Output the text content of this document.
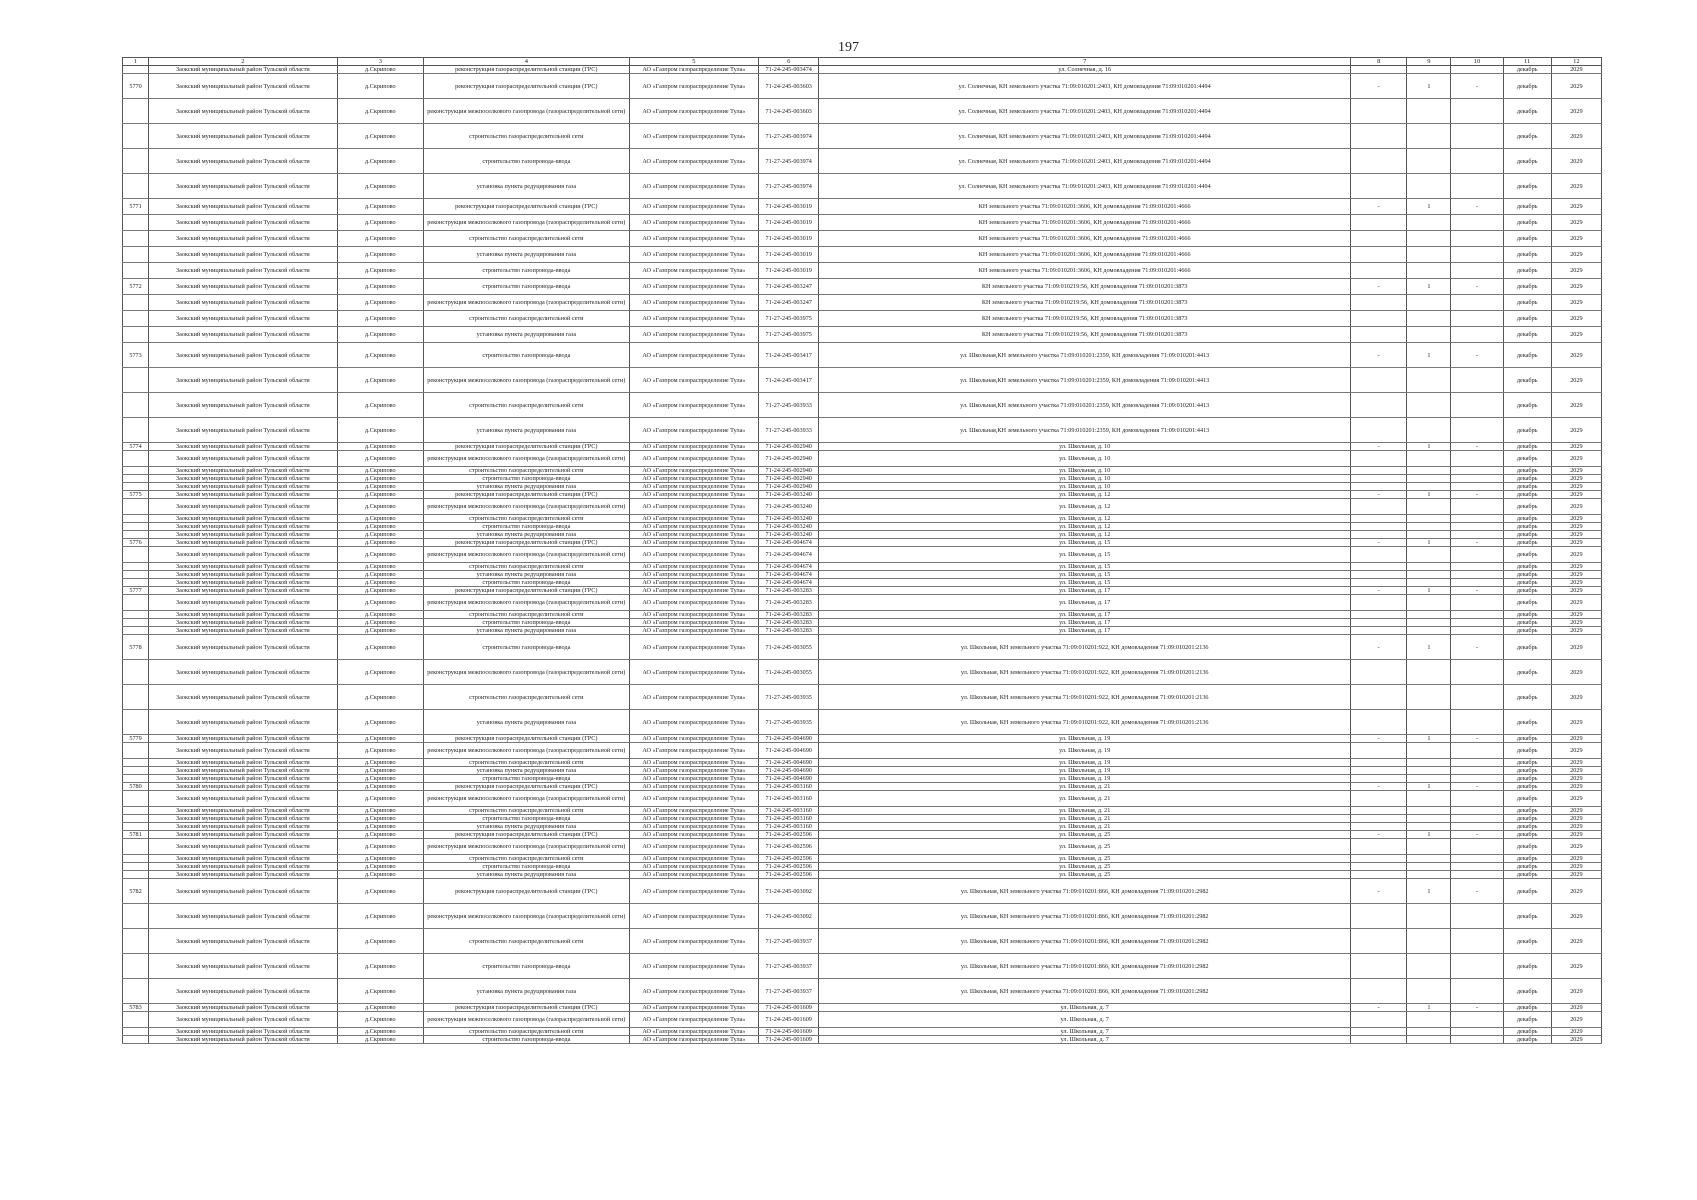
197
1	2	3	4	5	6	7	8	9	10	11	12
	Заокский муниципальный район Тульской области	д.Скрипово	реконструкция газораспределительной станции (ГРС)	АО «Газпром газораспределение Тула»	71-24-245-003474	ул. Солнечная, д. 16				декабрь	2029
5770	Заокский муниципальный район Тульской области	д.Скрипово	реконструкция газораспределительной станции (ГРС)	АО «Газпром газораспределение Тула»	71-24-245-003603	ул. Солнечная, КН земельного участка 71:09:010201:2403, КН домовладения 71:09:010201:4494	-	1	-	декабрь	2029
	Заокский муниципальный район Тульской области	д.Скрипово	реконструкция межпоселкового газопровода (газораспределительной сети)	АО «Газпром газораспределение Тула»	71-24-245-003603	ул. Солнечная, КН земельного участка 71:09:010201:2403, КН домовладения 71:09:010201:4494				декабрь	2029
	Заокский муниципальный район Тульской области	д.Скрипово	строительство газораспределительной сети	АО «Газпром газораспределение Тула»	71-27-245-003974	ул. Солнечная, КН земельного участка 71:09:010201:2403, КН домовладения 71:09:010201:4494				декабрь	2029
	Заокский муниципальный район Тульской области	д.Скрипово	строительство газопровода-ввода	АО «Газпром газораспределение Тула»	71-27-245-003974	ул. Солнечная, КН земельного участка 71:09:010201:2403, КН домовладения 71:09:010201:4494				декабрь	2029
	Заокский муниципальный район Тульской области	д.Скрипово	установка пункта редуцирования газа	АО «Газпром газораспределение Тула»	71-27-245-003974	ул. Солнечная, КН земельного участка 71:09:010201:2403, КН домовладения 71:09:010201:4494				декабрь	2029
5771	Заокский муниципальный район Тульской области	д.Скрипово	реконструкция газораспределительной станции (ГРС)	АО «Газпром газораспределение Тула»	71-24-245-003019	КН земельного участка 71:09:010201:3606, КН домовладения 71:09:010201:4666	-	1	-	декабрь	2029
	Заокский муниципальный район Тульской области	д.Скрипово	реконструкция межпоселкового газопровода (газораспределительной сети)	АО «Газпром газораспределение Тула»	71-24-245-003019	КН земельного участка 71:09:010201:3606, КН домовладения 71:09:010201:4666				декабрь	2029
	Заокский муниципальный район Тульской области	д.Скрипово	строительство газораспределительной сети	АО «Газпром газораспределение Тула»	71-24-245-003019	КН земельного участка 71:09:010201:3606, КН домовладения 71:09:010201:4666				декабрь	2029
	Заокский муниципальный район Тульской области	д.Скрипово	установка пункта редуцирования газа	АО «Газпром газораспределение Тула»	71-24-245-003019	КН земельного участка 71:09:010201:3606, КН домовладения 71:09:010201:4666				декабрь	2029
	Заокский муниципальный район Тульской области	д.Скрипово	строительство газопровода-ввода	АО «Газпром газораспределение Тула»	71-24-245-003019	КН земельного участка 71:09:010201:3606, КН домовладения 71:09:010201:4666				декабрь	2029
5772	Заокский муниципальный район Тульской области	д.Скрипово	строительство газопровода-ввода	АО «Газпром газораспределение Тула»	71-24-245-003247	КН земельного участка 71:09:010219:56, КН домовладения 71:09:010201:3873	-	1	-	декабрь	2029
	Заокский муниципальный район Тульской области	д.Скрипово	реконструкция межпоселкового газопровода (газораспределительной сети)	АО «Газпром газораспределение Тула»	71-24-245-003247	КН земельного участка 71:09:010219:56, КН домовладения 71:09:010201:3873				декабрь	2029
	Заокский муниципальный район Тульской области	д.Скрипово	строительство газораспределительной сети	АО «Газпром газораспределение Тула»	71-27-245-003975	КН земельного участка 71:09:010219:56, КН домовладения 71:09:010201:3873				декабрь	2029
	Заокский муниципальный район Тульской области	д.Скрипово	установка пункта редуцирования газа	АО «Газпром газораспределение Тула»	71-27-245-003975	КН земельного участка 71:09:010219:56, КН домовладения 71:09:010201:3873				декабрь	2029
5773	Заокский муниципальный район Тульской области	д.Скрипово	строительство газопровода-ввода	АО «Газпром газораспределение Тула»	71-24-245-003417	ул. Школьная,КН земельного участка 71:09:010201:2359, КН домовладения 71:09:010201:4413	-	1	-	декабрь	2029
	Заокский муниципальный район Тульской области	д.Скрипово	реконструкция межпоселкового газопровода (газораспределительной сети)	АО «Газпром газораспределение Тула»	71-24-245-003417	ул. Школьная,КН земельного участка 71:09:010201:2359, КН домовладения 71:09:010201:4413				декабрь	2029
	Заокский муниципальный район Тульской области	д.Скрипово	строительство газораспределительной сети	АО «Газпром газораспределение Тула»	71-27-245-003933	ул. Школьная,КН земельного участка 71:09:010201:2359, КН домовладения 71:09:010201:4413				декабрь	2029
	Заокский муниципальный район Тульской области	д.Скрипово	установка пункта редуцирования газа	АО «Газпром газораспределение Тула»	71-27-245-003933	ул. Школьная,КН земельного участка 71:09:010201:2359, КН домовладения 71:09:010201:4413				декабрь	2029
5774	Заокский муниципальный район Тульской области	д.Скрипово	реконструкция газораспределительной станции (ГРС)	АО «Газпром газораспределение Тула»	71-24-245-002940	ул. Школьная, д. 10	-	1	-	декабрь	2029
	Заокский муниципальный район Тульской области	д.Скрипово	реконструкция межпоселкового газопровода (газораспределительной сети)	АО «Газпром газораспределение Тула»	71-24-245-002940	ул. Школьная, д. 10				декабрь	2029
	Заокский муниципальный район Тульской области	д.Скрипово	строительство газораспределительной сети	АО «Газпром газораспределение Тула»	71-24-245-002940	ул. Школьная, д. 10				декабрь	2029
	Заокский муниципальный район Тульской области	д.Скрипово	строительство газопровода-ввода	АО «Газпром газораспределение Тула»	71-24-245-002940	ул. Школьная, д. 10				декабрь	2029
	Заокский муниципальный район Тульской области	д.Скрипово	установка пункта редуцирования газа	АО «Газпром газораспределение Тула»	71-24-245-002940	ул. Школьная, д. 10				декабрь	2029
5775	Заокский муниципальный район Тульской области	д.Скрипово	реконструкция газораспределительной станции (ГРС)	АО «Газпром газораспределение Тула»	71-24-245-003240	ул. Школьная, д. 12	-	1	-	декабрь	2029
	Заокский муниципальный район Тульской области	д.Скрипово	реконструкция межпоселкового газопровода (газораспределительной сети)	АО «Газпром газораспределение Тула»	71-24-245-003240	ул. Школьная, д. 12				декабрь	2029
	Заокский муниципальный район Тульской области	д.Скрипово	строительство газораспределительной сети	АО «Газпром газораспределение Тула»	71-24-245-003240	ул. Школьная, д. 12				декабрь	2029
	Заокский муниципальный район Тульской области	д.Скрипово	строительство газопровода-ввода	АО «Газпром газораспределение Тула»	71-24-245-003240	ул. Школьная, д. 12				декабрь	2029
	Заокский муниципальный район Тульской области	д.Скрипово	установка пункта редуцирования газа	АО «Газпром газораспределение Тула»	71-24-245-003240	ул. Школьная, д. 12				декабрь	2029
5776	Заокский муниципальный район Тульской области	д.Скрипово	реконструкция газораспределительной станции (ГРС)	АО «Газпром газораспределение Тула»	71-24-245-004674	ул. Школьная, д. 15	-	1	-	декабрь	2029
	Заокский муниципальный район Тульской области	д.Скрипово	реконструкция межпоселкового газопровода (газораспределительной сети)	АО «Газпром газораспределение Тула»	71-24-245-004674	ул. Школьная, д. 15				декабрь	2029
	Заокский муниципальный район Тульской области	д.Скрипово	строительство газораспределительной сети	АО «Газпром газораспределение Тула»	71-24-245-004674	ул. Школьная, д. 15				декабрь	2029
	Заокский муниципальный район Тульской области	д.Скрипово	установка пункта редуцирования газа	АО «Газпром газораспределение Тула»	71-24-245-004674	ул. Школьная, д. 15				декабрь	2029
	Заокский муниципальный район Тульской области	д.Скрипово	строительство газопровода-ввода	АО «Газпром газораспределение Тула»	71-24-245-004674	ул. Школьная, д. 15				декабрь	2029
5777	Заокский муниципальный район Тульской области	д.Скрипово	реконструкция газораспределительной станции (ГРС)	АО «Газпром газораспределение Тула»	71-24-245-003283	ул. Школьная, д. 17	-	1	-	декабрь	2029
	Заокский муниципальный район Тульской области	д.Скрипово	реконструкция межпоселкового газопровода (газораспределительной сети)	АО «Газпром газораспределение Тула»	71-24-245-003283	ул. Школьная, д. 17				декабрь	2029
	Заокский муниципальный район Тульской области	д.Скрипово	строительство газораспределительной сети	АО «Газпром газораспределение Тула»	71-24-245-003283	ул. Школьная, д. 17				декабрь	2029
	Заокский муниципальный район Тульской области	д.Скрипово	строительство газопровода-ввода	АО «Газпром газораспределение Тула»	71-24-245-003283	ул. Школьная, д. 17				декабрь	2029
	Заокский муниципальный район Тульской области	д.Скрипово	установка пункта редуцирования газа	АО «Газпром газораспределение Тула»	71-24-245-003283	ул. Школьная, д. 17				декабрь	2029
5778	Заокский муниципальный район Тульской области	д.Скрипово	строительство газопровода-ввода	АО «Газпром газораспределение Тула»	71-24-245-003055	ул. Школьная, КН земельного участка 71:09:010201:922, КН домовладения 71:09:010201:2136	-	1	-	декабрь	2029
	Заокский муниципальный район Тульской области	д.Скрипово	реконструкция межпоселкового газопровода (газораспределительной сети)	АО «Газпром газораспределение Тула»	71-24-245-003055	ул. Школьная, КН земельного участка 71:09:010201:922, КН домовладения 71:09:010201:2136				декабрь	2029
	Заокский муниципальный район Тульской области	д.Скрипово	строительство газораспределительной сети	АО «Газпром газораспределение Тула»	71-27-245-003935	ул. Школьная, КН земельного участка 71:09:010201:922, КН домовладения 71:09:010201:2136				декабрь	2029
	Заокский муниципальный район Тульской области	д.Скрипово	установка пункта редуцирования газа	АО «Газпром газораспределение Тула»	71-27-245-003935	ул. Школьная, КН земельного участка 71:09:010201:922, КН домовладения 71:09:010201:2136				декабрь	2029
5779	Заокский муниципальный район Тульской области	д.Скрипово	реконструкция газораспределительной станции (ГРС)	АО «Газпром газораспределение Тула»	71-24-245-004690	ул. Школьная, д. 19	-	1	-	декабрь	2029
	Заокский муниципальный район Тульской области	д.Скрипово	реконструкция межпоселкового газопровода (газораспределительной сети)	АО «Газпром газораспределение Тула»	71-24-245-004690	ул. Школьная, д. 19				декабрь	2029
	Заокский муниципальный район Тульской области	д.Скрипово	строительство газораспределительной сети	АО «Газпром газораспределение Тула»	71-24-245-004690	ул. Школьная, д. 19				декабрь	2029
	Заокский муниципальный район Тульской области	д.Скрипово	установка пункта редуцирования газа	АО «Газпром газораспределение Тула»	71-24-245-004690	ул. Школьная, д. 19				декабрь	2029
	Заокский муниципальный район Тульской области	д.Скрипово	строительство газопровода-ввода	АО «Газпром газораспределение Тула»	71-24-245-004690	ул. Школьная, д. 19				декабрь	2029
5780	Заокский муниципальный район Тульской области	д.Скрипово	реконструкция газораспределительной станции (ГРС)	АО «Газпром газораспределение Тула»	71-24-245-003160	ул. Школьная, д. 21	-	1	-	декабрь	2029
	Заокский муниципальный район Тульской области	д.Скрипово	реконструкция межпоселкового газопровода (газораспределительной сети)	АО «Газпром газораспределение Тула»	71-24-245-003160	ул. Школьная, д. 21				декабрь	2029
	Заокский муниципальный район Тульской области	д.Скрипово	строительство газораспределительной сети	АО «Газпром газораспределение Тула»	71-24-245-003160	ул. Школьная, д. 21				декабрь	2029
	Заокский муниципальный район Тульской области	д.Скрипово	строительство газопровода-ввода	АО «Газпром газораспределение Тула»	71-24-245-003160	ул. Школьная, д. 21				декабрь	2029
	Заокский муниципальный район Тульской области	д.Скрипово	установка пункта редуцирования газа	АО «Газпром газораспределение Тула»	71-24-245-003160	ул. Школьная, д. 21				декабрь	2029
5781	Заокский муниципальный район Тульской области	д.Скрипово	реконструкция газораспределительной станции (ГРС)	АО «Газпром газораспределение Тула»	71-24-245-002596	ул. Школьная, д. 25	-	1	-	декабрь	2029
	Заокский муниципальный район Тульской области	д.Скрипово	реконструкция межпоселкового газопровода (газораспределительной сети)	АО «Газпром газораспределение Тула»	71-24-245-002596	ул. Школьная, д. 25				декабрь	2029
	Заокский муниципальный район Тульской области	д.Скрипово	строительство газораспределительной сети	АО «Газпром газораспределение Тула»	71-24-245-002596	ул. Школьная, д. 25				декабрь	2029
	Заокский муниципальный район Тульской области	д.Скрипово	строительство газопровода-ввода	АО «Газпром газораспределение Тула»	71-24-245-002596	ул. Школьная, д. 25				декабрь	2029
	Заокский муниципальный район Тульской области	д.Скрипово	установка пункта редуцирования газа	АО «Газпром газораспределение Тула»	71-24-245-002596	ул. Школьная, д. 25				декабрь	2029
5782	Заокский муниципальный район Тульской области	д.Скрипово	реконструкция газораспределительной станции (ГРС)	АО «Газпром газораспределение Тула»	71-24-245-003092	ул. Школьная, КН земельного участка 71:09:010201:866, КН домовладения 71:09:010201:2982	-	1	-	декабрь	2029
	Заокский муниципальный район Тульской области	д.Скрипово	реконструкция межпоселкового газопровода (газораспределительной сети)	АО «Газпром газораспределение Тула»	71-24-245-003092	ул. Школьная, КН земельного участка 71:09:010201:866, КН домовладения 71:09:010201:2982				декабрь	2029
	Заокский муниципальный район Тульской области	д.Скрипово	строительство газораспределительной сети	АО «Газпром газораспределение Тула»	71-27-245-003937	ул. Школьная, КН земельного участка 71:09:010201:866, КН домовладения 71:09:010201:2982				декабрь	2029
	Заокский муниципальный район Тульской области	д.Скрипово	строительство газопровода-ввода	АО «Газпром газораспределение Тула»	71-27-245-003937	ул. Школьная, КН земельного участка 71:09:010201:866, КН домовладения 71:09:010201:2982				декабрь	2029
	Заокский муниципальный район Тульской области	д.Скрипово	установка пункта редуцирования газа	АО «Газпром газораспределение Тула»	71-27-245-003937	ул. Школьная, КН земельного участка 71:09:010201:866, КН домовладения 71:09:010201:2982				декабрь	2029
5783	Заокский муниципальный район Тульской области	д.Скрипово	реконструкция газораспределительной станции (ГРС)	АО «Газпром газораспределение Тула»	71-24-245-001609	ул. Школьная, д. 7	-	1	-	декабрь	2029
	Заокский муниципальный район Тульской области	д.Скрипово	реконструкция межпоселкового газопровода (газораспределительной сети)	АО «Газпром газораспределение Тула»	71-24-245-001609	ул. Школьная, д. 7				декабрь	2029
	Заокский муниципальный район Тульской области	д.Скрипово	строительство газораспределительной сети	АО «Газпром газораспределение Тула»	71-24-245-001609	ул. Школьная, д. 7				декабрь	2029
	Заокский муниципальный район Тульской области	д.Скрипово	строительство газопровода-ввода	АО «Газпром газораспределение Тула»	71-24-245-001609	ул. Школьная, д. 7				декабрь	2029
